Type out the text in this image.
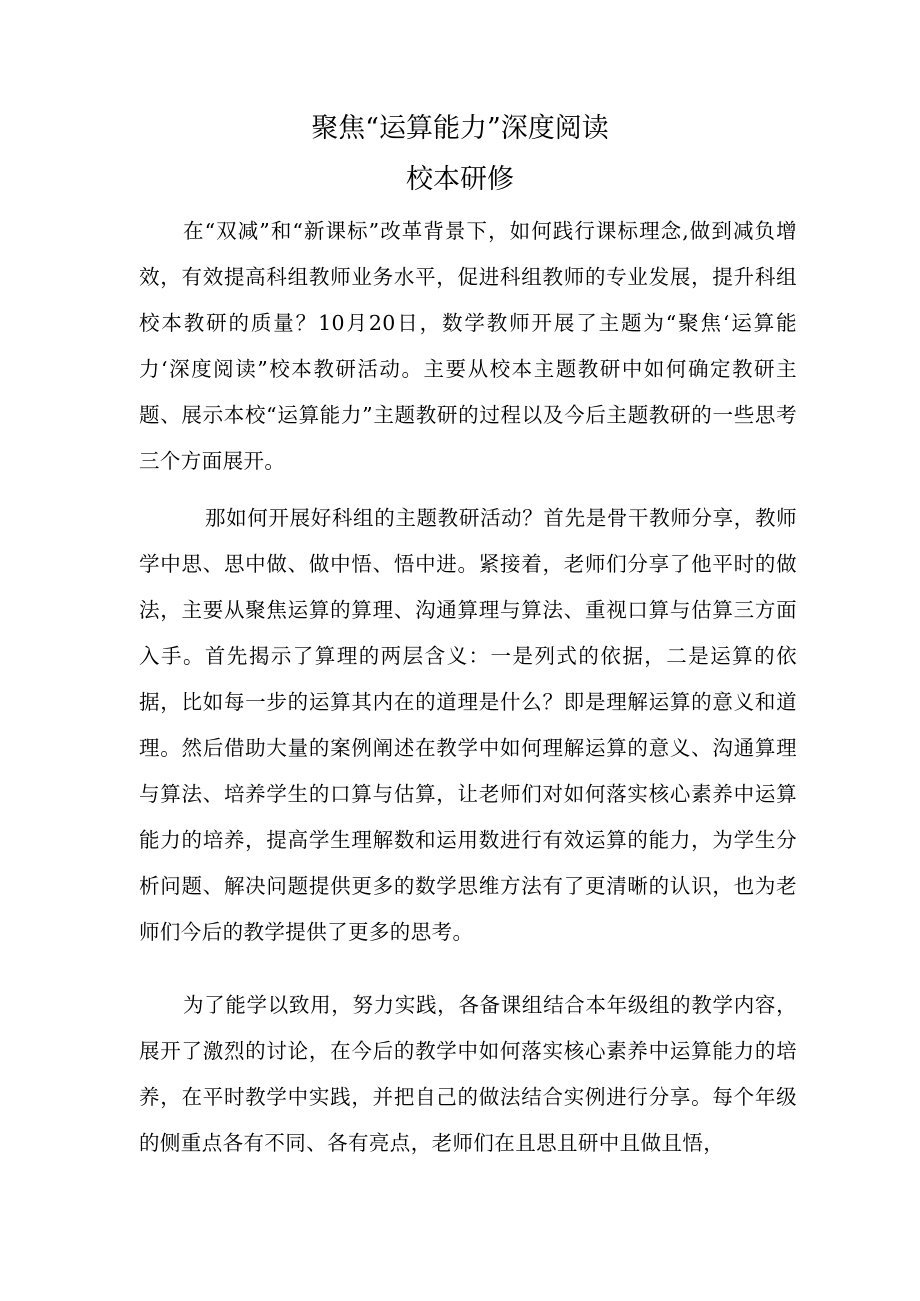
聚焦“运算能力”深度阅读
校本研修

在“双减”和“新课标”改革背景下，如何践行课标理念,做到减负增效，有效提高科组教师业务水平，促进科组教师的专业发展，提升科组校本教研的质量？10月20日，数学教师开展了主题为“聚焦‘运算能力‘深度阅读”校本教研活动。主要从校本主题教研中如何确定教研主题、展示本校“运算能力”主题教研的过程以及今后主题教研的一些思考三个方面展开。

那如何开展好科组的主题教研活动？首先是骨干教师分享，教师学中思、思中做、做中悟、悟中进。紧接着，老师们分享了他平时的做法，主要从聚焦运算的算理、沟通算理与算法、重视口算与估算三方面入手。首先揭示了算理的两层含义：一是列式的依据，二是运算的依据，比如每一步的运算其内在的道理是什么？即是理解运算的意义和道理。然后借助大量的案例阐述在教学中如何理解运算的意义、沟通算理与算法、培养学生的口算与估算，让老师们对如何落实核心素养中运算能力的培养，提高学生理解数和运用数进行有效运算的能力，为学生分析问题、解决问题提供更多的数学思维方法有了更清晰的认识，也为老师们今后的教学提供了更多的思考。

为了能学以致用，努力实践，各备课组结合本年级组的教学内容，展开了激烈的讨论，在今后的教学中如何落实核心素养中运算能力的培养，在平时教学中实践，并把自己的做法结合实例进行分享。每个年级的侧重点各有不同、各有亮点，老师们在且思且研中且做且悟，
